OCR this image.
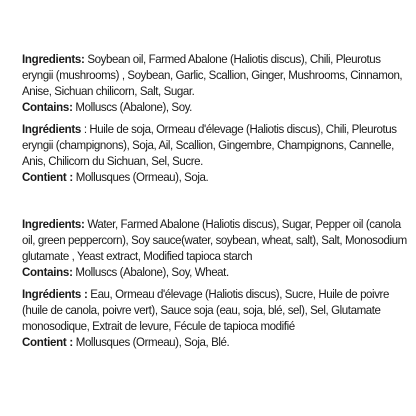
Ingredients: Soybean oil, Farmed Abalone (Haliotis discus), Chili, Pleurotus eryngii (mushrooms) , Soybean, Garlic, Scallion, Ginger, Mushrooms, Cinnamon, Anise, Sichuan chilicorn, Salt, Sugar.

Contains: Molluscs (Abalone), Soy.

Ingrédients : Huile de soja, Ormeau d'élevage (Haliotis discus), Chili, Pleurotus eryngii (champignons), Soja, Ail, Scallion, Gingembre, Champignons, Cannelle, Anis, Chilicorn du Sichuan, Sel, Sucre.

Contient : Mollusques (Ormeau), Soja.

Ingredients: Water, Farmed Abalone (Haliotis discus), Sugar, Pepper oil (canola oil, green peppercorn), Soy sauce(water, soybean, wheat, salt), Salt, Monosodium glutamate , Yeast extract, Modified tapioca starch

Contains: Molluscs (Abalone), Soy, Wheat.

Ingrédients : Eau, Ormeau d'élevage (Haliotis discus), Sucre, Huile de poivre (huile de canola, poivre vert), Sauce soja (eau, soja, blé, sel), Sel, Glutamate monosodique, Extrait de levure, Fécule de tapioca modifié

Contient : Mollusques (Ormeau), Soja, Blé.
